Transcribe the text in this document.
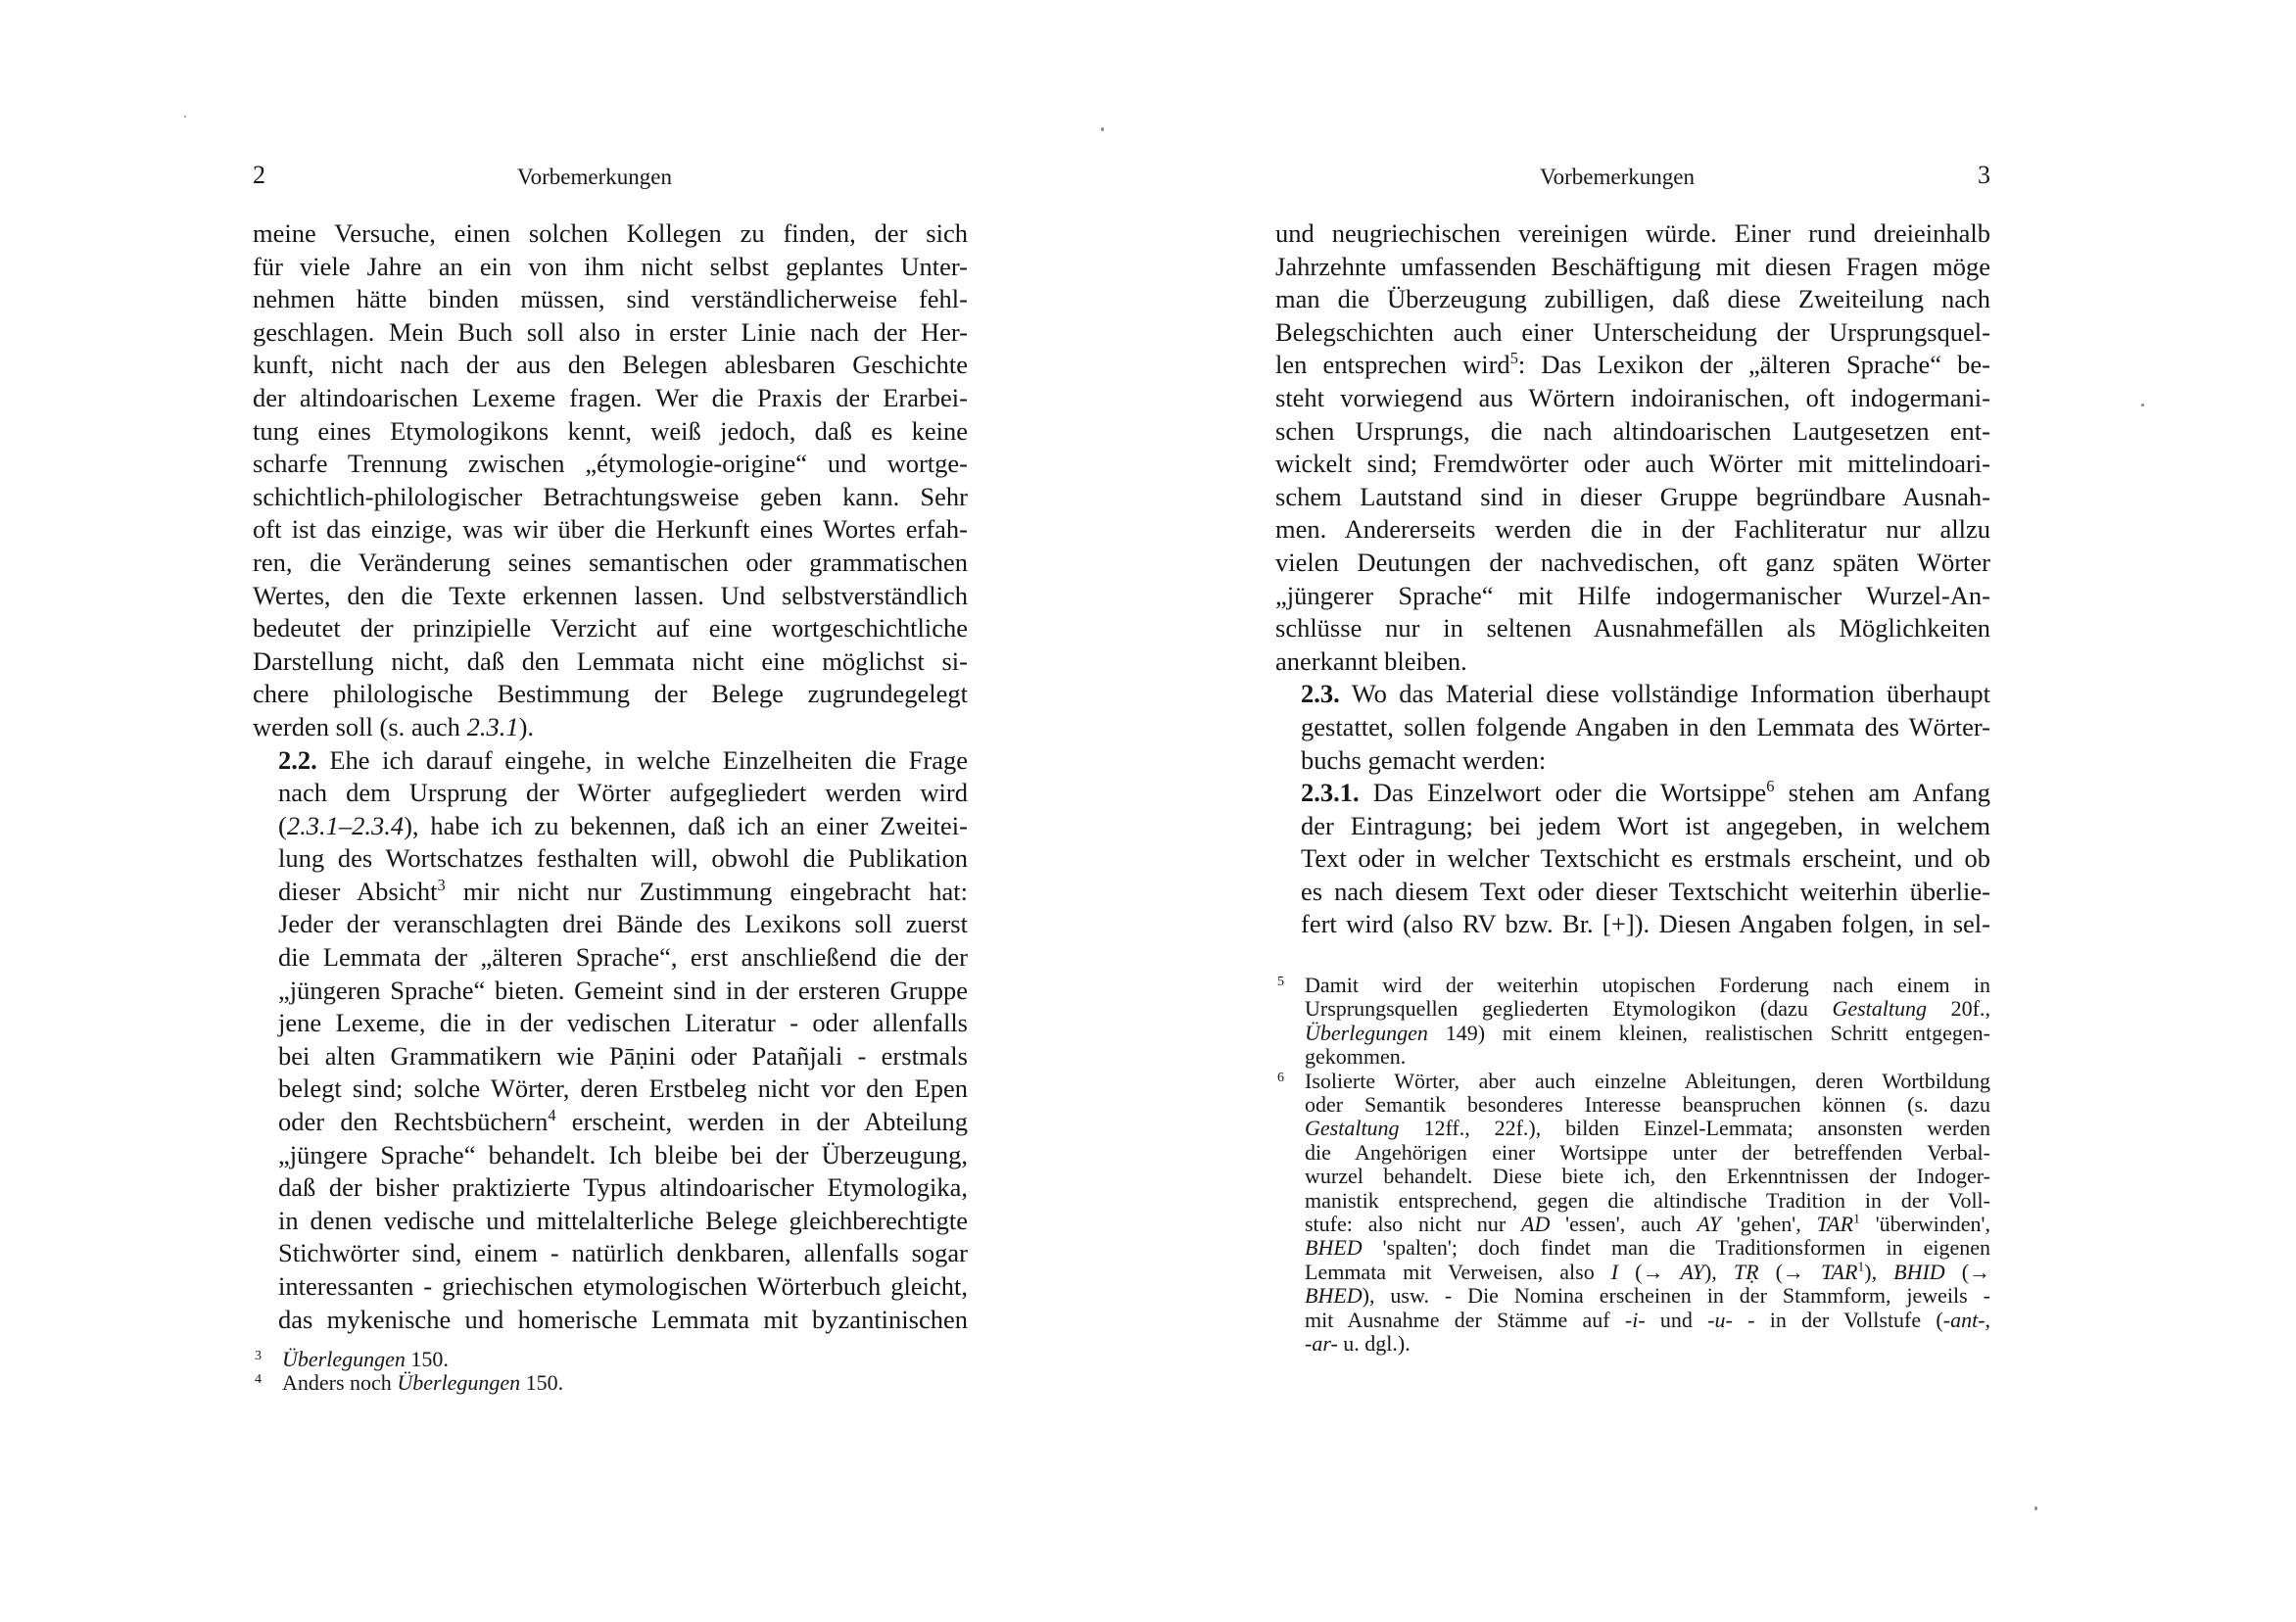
2	Vorbemerkungen

meine Versuche, einen solchen Kollegen zu finden, der sich
für viele Jahre an ein von ihm nicht selbst geplantes Unter-
nehmen hätte binden müssen, sind verständlicherweise fehl-
geschlagen. Mein Buch soll also in erster Linie nach der Her-
kunft, nicht nach der aus den Belegen ablesbaren Geschichte
der altindoarischen Lexeme fragen. Wer die Praxis der Erarbei-
tung eines Etymologikons kennt, weiß jedoch, daß es keine
scharfe Trennung zwischen „étymologie-origine“ und wortge-
schichtlich-philologischer Betrachtungsweise geben kann. Sehr
oft ist das einzige, was wir über die Herkunft eines Wortes erfah-
ren, die Veränderung seines semantischen oder grammatischen
Wertes, den die Texte erkennen lassen. Und selbstverständlich
bedeutet der prinzipielle Verzicht auf eine wortgeschichtliche
Darstellung nicht, daß den Lemmata nicht eine möglichst si-
chere philologische Bestimmung der Belege zugrundegelegt
werden soll (s. auch 2.3.1).

2.2. Ehe ich darauf eingehe, in welche Einzelheiten die Frage
nach dem Ursprung der Wörter aufgegliedert werden wird
(2.3.1–2.3.4), habe ich zu bekennen, daß ich an einer Zweitei-
lung des Wortschatzes festhalten will, obwohl die Publikation
dieser Absicht$^3$ mir nicht nur Zustimmung eingebracht hat:
Jeder der veranschlagten drei Bände des Lexikons soll zuerst
die Lemmata der „älteren Sprache“, erst anschließend die der
„jüngeren Sprache“ bieten. Gemeint sind in der ersteren Gruppe
jene Lexeme, die in der vedischen Literatur - oder allenfalls
bei alten Grammatikern wie Pāṇini oder Patañjali - erstmals
belegt sind; solche Wörter, deren Erstbeleg nicht vor den Epen
oder den Rechtsbüchern$^4$ erscheint, werden in der Abteilung
„jüngere Sprache“ behandelt. Ich bleibe bei der Überzeugung,
daß der bisher praktizierte Typus altindoarischer Etymologika,
in denen vedische und mittelalterliche Belege gleichberechtigte
Stichwörter sind, einem - natürlich denkbaren, allenfalls sogar
interessanten - griechischen etymologischen Wörterbuch gleicht,
das mykenische und homerische Lemmata mit byzantinischen

3 Überlegungen 150.

4 Anders noch Überlegungen 150.

Vorbemerkungen	3

und neugriechischen vereinigen würde. Einer rund dreieinhalb
Jahrzehnte umfassenden Beschäftigung mit diesen Fragen möge
man die Überzeugung zubilligen, daß diese Zweiteilung nach
Belegschichten auch einer Unterscheidung der Ursprungsquel-
len entsprechen wird$^5$: Das Lexikon der „älteren Sprache“ be-
steht vorwiegend aus Wörtern indoiranischen, oft indogermani-
schen Ursprungs, die nach altindoarischen Lautgesetzen ent-
wickelt sind; Fremdwörter oder auch Wörter mit mittelindoari-
schem Lautstand sind in dieser Gruppe begründbare Ausnah-
men. Andererseits werden die in der Fachliteratur nur allzu
vielen Deutungen der nachvedischen, oft ganz späten Wörter
„jüngerer Sprache“ mit Hilfe indogermanischer Wurzel-An-
schlüsse nur in seltenen Ausnahmefällen als Möglichkeiten
anerkannt bleiben.

2.3. Wo das Material diese vollständige Information überhaupt
gestattet, sollen folgende Angaben in den Lemmata des Wörter-
buchs gemacht werden:

2.3.1. Das Einzelwort oder die Wortsippe$^6$ stehen am Anfang
der Eintragung; bei jedem Wort ist angegeben, in welchem
Text oder in welcher Textschicht es erstmals erscheint, und ob
es nach diesem Text oder dieser Textschicht weiterhin überlie-
fert wird (also RV bzw. Br. [+]). Diesen Angaben folgen, in sel-

5 Damit wird der weiterhin utopischen Forderung nach einem in
Ursprungsquellen gegliederten Etymologikon (dazu Gestaltung 20f.,
Überlegungen 149) mit einem kleinen, realistischen Schritt entgegen-
gekommen.

6 Isolierte Wörter, aber auch einzelne Ableitungen, deren Wortbildung
oder Semantik besonderes Interesse beanspruchen können (s. dazu
Gestaltung 12ff., 22f.), bilden Einzel-Lemmata; ansonsten werden
die Angehörigen einer Wortsippe unter der betreffenden Verbal-
wurzel behandelt. Diese biete ich, den Erkenntnissen der Indoger-
manistik entsprechend, gegen die altindische Tradition in der Voll-
stufe: also nicht nur AD 'essen', auch AY 'gehen', TAR$^1$ 'überwinden',
BHED 'spalten'; doch findet man die Traditionsformen in eigenen
Lemmata mit Verweisen, also I (→ AY), TṚ (→ $TAR^1$), BHID (→
BHED), usw. - Die Nomina erscheinen in der Stammform, jeweils -
mit Ausnahme der Stämme auf -i- und -u- - in der Vollstufe (-ant-,
-ar- u. dgl.).
